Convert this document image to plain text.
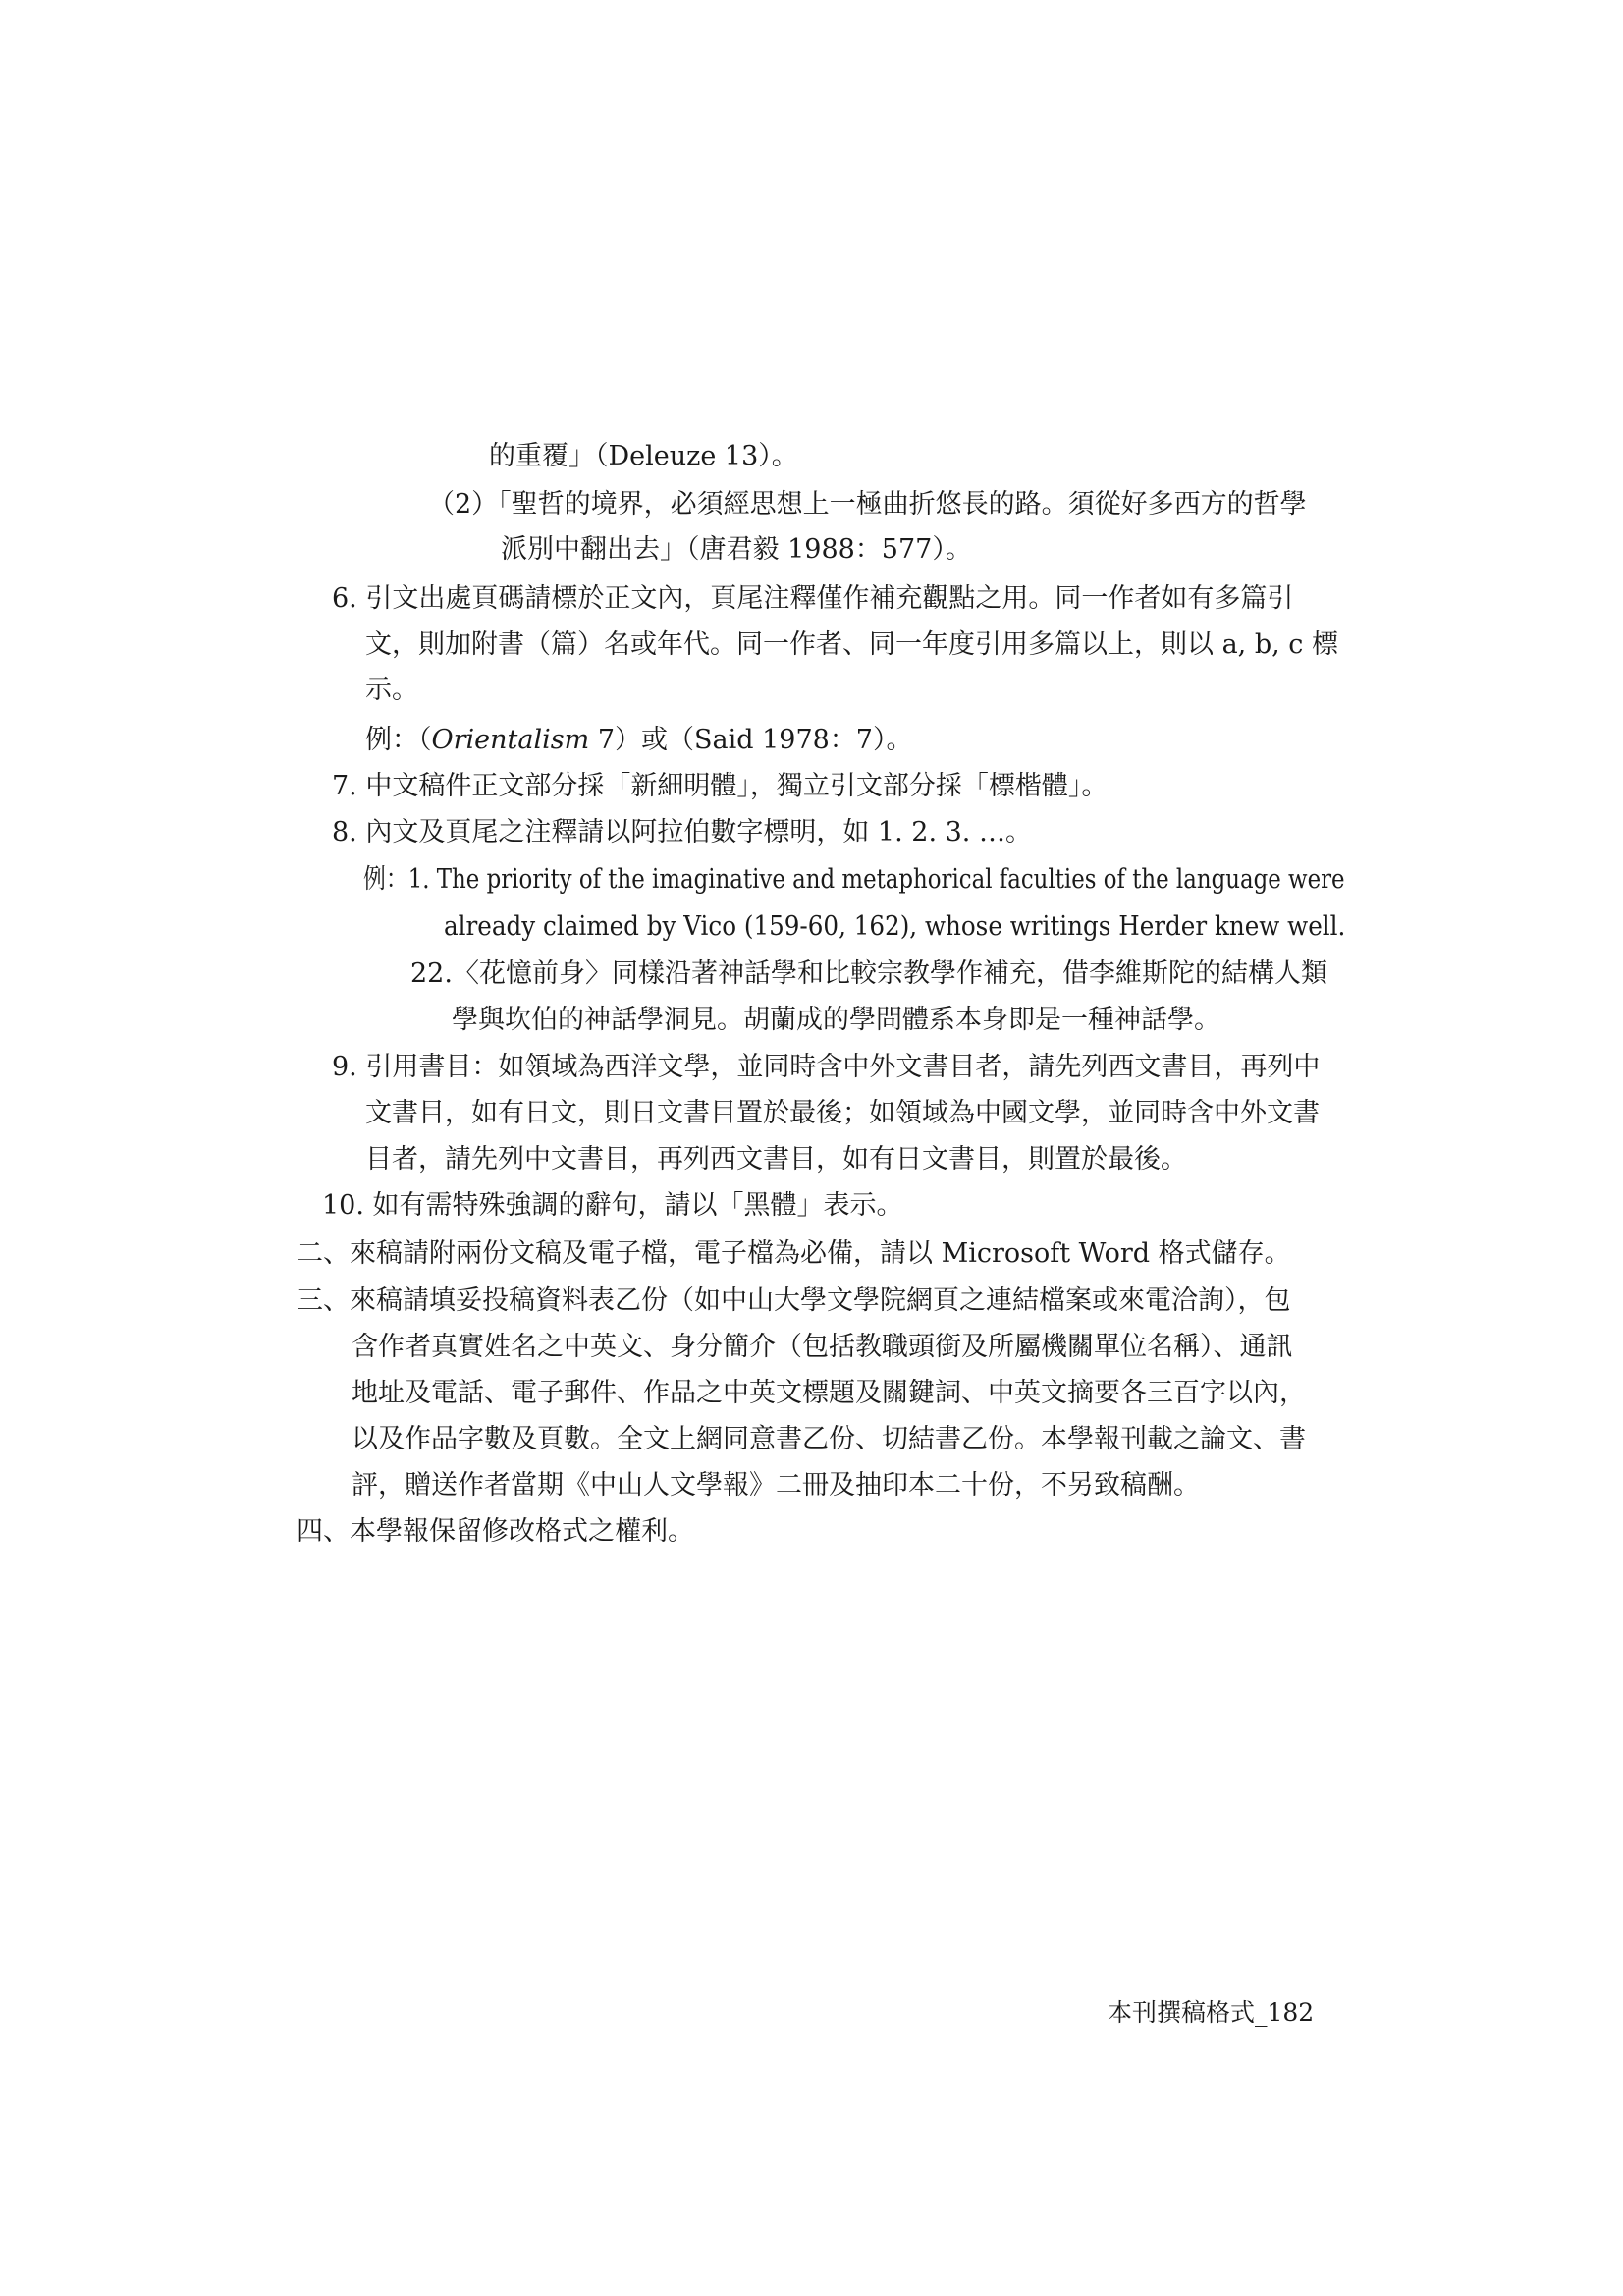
的重覆」（Deleuze 13）。
（2）「聖哲的境界，必須經思想上一極曲折悠長的路。須從好多西方的哲學
派別中翻出去」（唐君毅 1988：577）。
6. 引文出處頁碼請標於正文內，頁尾注釋僅作補充觀點之用。同一作者如有多篇引
文，則加附書（篇）名或年代。同一作者、同一年度引用多篇以上，則以 a, b, c 標
示。
例：（Orientalism 7）或（Said 1978：7）。
7. 中文稿件正文部分採「新細明體」，獨立引文部分採「標楷體」。
8. 內文及頁尾之注釋請以阿拉伯數字標明，如 1. 2. 3. …。
例：1. The priority of the imaginative and metaphorical faculties of the language were
already claimed by Vico (159-60, 162), whose writings Herder knew well.
22.〈花憶前身〉同樣沿著神話學和比較宗教學作補充，借李維斯陀的結構人類
學與坎伯的神話學洞見。胡蘭成的學問體系本身即是一種神話學。
9. 引用書目：如領域為西洋文學，並同時含中外文書目者，請先列西文書目，再列中
文書目，如有日文，則日文書目置於最後；如領域為中國文學，並同時含中外文書
目者，請先列中文書目，再列西文書目，如有日文書目，則置於最後。
10. 如有需特殊強調的辭句，請以「黑體」表示。
二、來稿請附兩份文稿及電子檔，電子檔為必備，請以 Microsoft Word 格式儲存。
三、來稿請填妥投稿資料表乙份（如中山大學文學院網頁之連結檔案或來電洽詢），包
含作者真實姓名之中英文、身分簡介（包括教職頭銜及所屬機關單位名稱）、通訊
地址及電話、電子郵件、作品之中英文標題及關鍵詞、中英文摘要各三百字以內，
以及作品字數及頁數。全文上網同意書乙份、切結書乙份。本學報刊載之論文、書
評，贈送作者當期《中山人文學報》二冊及抽印本二十份，不另致稿酬。
四、本學報保留修改格式之權利。
本刊撰稿格式_182
